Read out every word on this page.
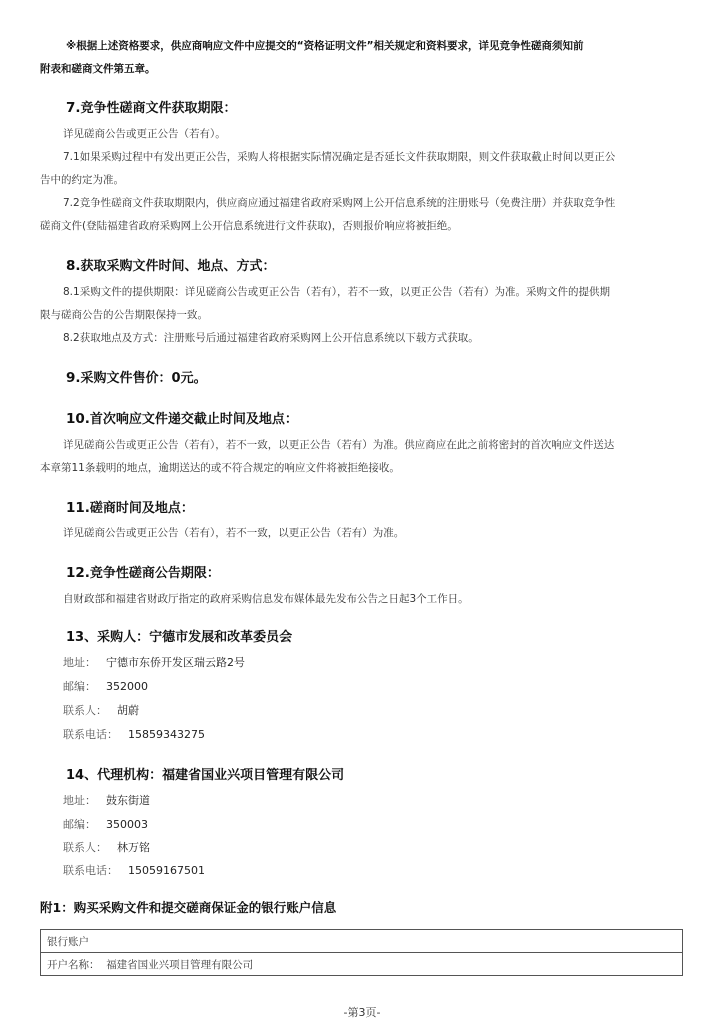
※根据上述资格要求，供应商响应文件中应提交的“资格证明文件”相关规定和资料要求，详见竞争性磋商须知前
附表和磋商文件第五章。
7.竞争性磋商文件获取期限：
详见磋商公告或更正公告（若有）。
7.1如果采购过程中有发出更正公告，采购人将根据实际情况确定是否延长文件获取期限，则文件获取截止时间以更正公
告中的约定为准。
7.2竞争性磋商文件获取期限内，供应商应通过福建省政府采购网上公开信息系统的注册账号（免费注册）并获取竞争性
磋商文件(登陆福建省政府采购网上公开信息系统进行文件获取)，否则报价响应将被拒绝。
8.获取采购文件时间、地点、方式：
8.1采购文件的提供期限：详见磋商公告或更正公告（若有），若不一致，以更正公告（若有）为准。采购文件的提供期
限与磋商公告的公告期限保持一致。
8.2获取地点及方式：注册账号后通过福建省政府采购网上公开信息系统以下载方式获取。
9.采购文件售价：0元。
10.首次响应文件递交截止时间及地点：
详见磋商公告或更正公告（若有），若不一致，以更正公告（若有）为准。供应商应在此之前将密封的首次响应文件送达
本章第11条载明的地点，逾期送达的或不符合规定的响应文件将被拒绝接收。
11.磋商时间及地点：
详见磋商公告或更正公告（若有），若不一致，以更正公告（若有）为准。
12.竞争性磋商公告期限：
自财政部和福建省财政厅指定的政府采购信息发布媒体最先发布公告之日起3个工作日。
13、采购人：宁德市发展和改革委员会
地址： 宁德市东侨开发区瑞云路2号
邮编： 352000
联系人： 胡蔚
联系电话： 15859343275
14、代理机构：福建省国业兴项目管理有限公司
地址： 鼓东街道
邮编： 350003
联系人： 林万铭
联系电话： 15059167501
附1：购买采购文件和提交磋商保证金的银行账户信息
银行账户
开户名称： 福建省国业兴项目管理有限公司
-第3页-
